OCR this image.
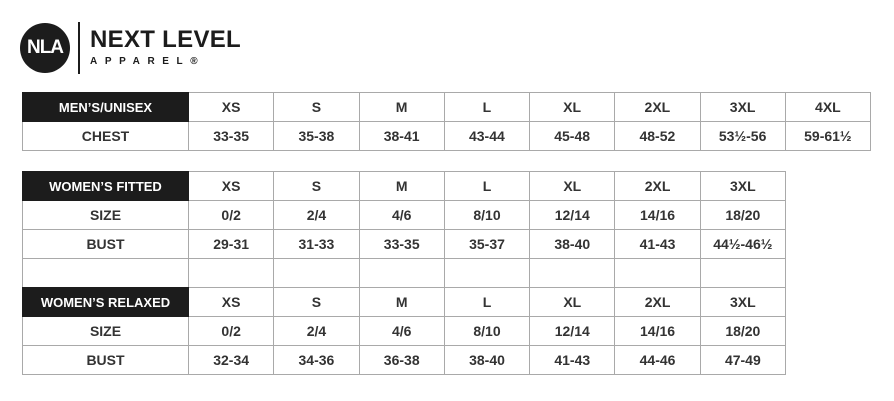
NLA NEXT LEVEL
APPAREL®
MEN’S/UNISEX	XS	S	M	L	XL	2XL	3XL	4XL
CHEST	33-35	35-38	38-41	43-44	45-48	48-52	53½-56	59-61½
WOMEN’S FITTED	XS	S	M	L	XL	2XL	3XL
SIZE	0/2	2/4	4/6	8/10	12/14	14/16	18/20
BUST	29-31	31-33	33-35	35-37	38-40	41-43	44½-46½

WOMEN’S RELAXED	XS	S	M	L	XL	2XL	3XL
SIZE	0/2	2/4	4/6	8/10	12/14	14/16	18/20
BUST	32-34	34-36	36-38	38-40	41-43	44-46	47-49
